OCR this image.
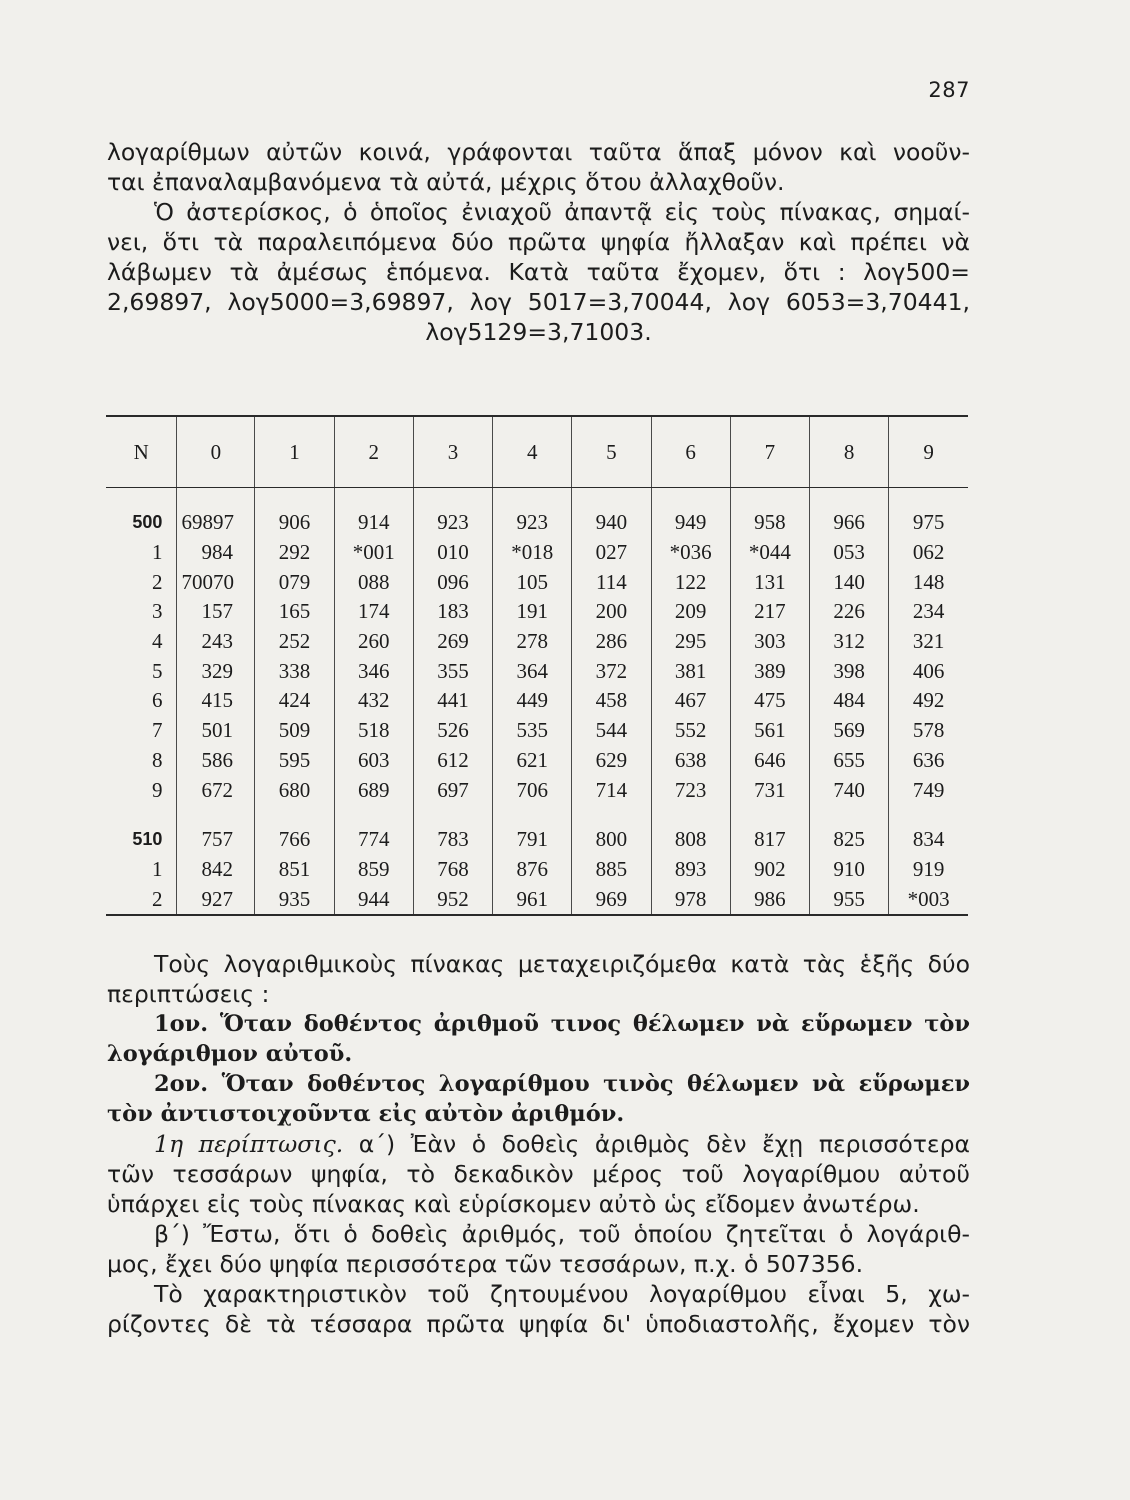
287
λογαρίθμων αὐτῶν κοινά, γράφονται ταῦτα ἅπαξ μόνον καὶ νοοῦν-
ται ἐπαναλαμβανόμενα τὰ αὐτά, μέχρις ὅτου ἀλλαχθοῦν.
Ὁ ἀστερίσκος, ὁ ὁποῖος ἐνιαχοῦ ἀπαντᾷ εἰς τοὺς πίνακας, σημαί-
νει, ὅτι τὰ παραλειπόμενα δύο πρῶτα ψηφία ἤλλαξαν καὶ πρέπει νὰ
λάβωμεν τὰ ἀμέσως ἑπόμενα. Κατὰ ταῦτα ἔχομεν, ὅτι : λογ500=
2,69897, λογ5000=3,69897, λογ 5017=3,70044, λογ 6053=3,70441,
λογ5129=3,71003.
N	0	1	2	3	4	5	6	7	8	9

500	69897	906	914	923	923	940	949	958	966	975
1	984	292	*001	010	*018	027	*036	*044	053	062
2	70070	079	088	096	105	114	122	131	140	148
3	157	165	174	183	191	200	209	217	226	234
4	243	252	260	269	278	286	295	303	312	321
5	329	338	346	355	364	372	381	389	398	406
6	415	424	432	441	449	458	467	475	484	492
7	501	509	518	526	535	544	552	561	569	578
8	586	595	603	612	621	629	638	646	655	636
9	672	680	689	697	706	714	723	731	740	749

510	757	766	774	783	791	800	808	817	825	834
1	842	851	859	768	876	885	893	902	910	919
2	927	935	944	952	961	969	978	986	955	*003
Τοὺς λογαριθμικοὺς πίνακας μεταχειριζόμεθα κατὰ τὰς ἑξῆς δύο
περιπτώσεις :
1ον. Ὅταν δοθέντος ἀριθμοῦ τινος θέλωμεν νὰ εὕρωμεν τὸν
λογάριθμον αὐτοῦ.
2ον. Ὅταν δοθέντος λογαρίθμου τινὸς θέλωμεν νὰ εὕρωμεν
τὸν ἀντιστοιχοῦντα εἰς αὐτὸν ἀριθμόν.
1η περίπτωσις. α΄) Ἐὰν ὁ δοθεὶς ἀριθμὸς δὲν ἔχῃ περισσότερα
τῶν τεσσάρων ψηφία, τὸ δεκαδικὸν μέρος τοῦ λογαρίθμου αὐτοῦ
ὑπάρχει εἰς τοὺς πίνακας καὶ εὑρίσκομεν αὐτὸ ὡς εἴδομεν ἀνωτέρω.
β΄) Ἔστω, ὅτι ὁ δοθεὶς ἀριθμός, τοῦ ὁποίου ζητεῖται ὁ λογάριθ-
μος, ἔχει δύο ψηφία περισσότερα τῶν τεσσάρων, π.χ. ὁ 507356.
Τὸ χαρακτηριστικὸν τοῦ ζητουμένου λογαρίθμου εἶναι 5, χω-
ρίζοντες δὲ τὰ τέσσαρα πρῶτα ψηφία δι' ὑποδιαστολῆς, ἔχομεν τὸν
